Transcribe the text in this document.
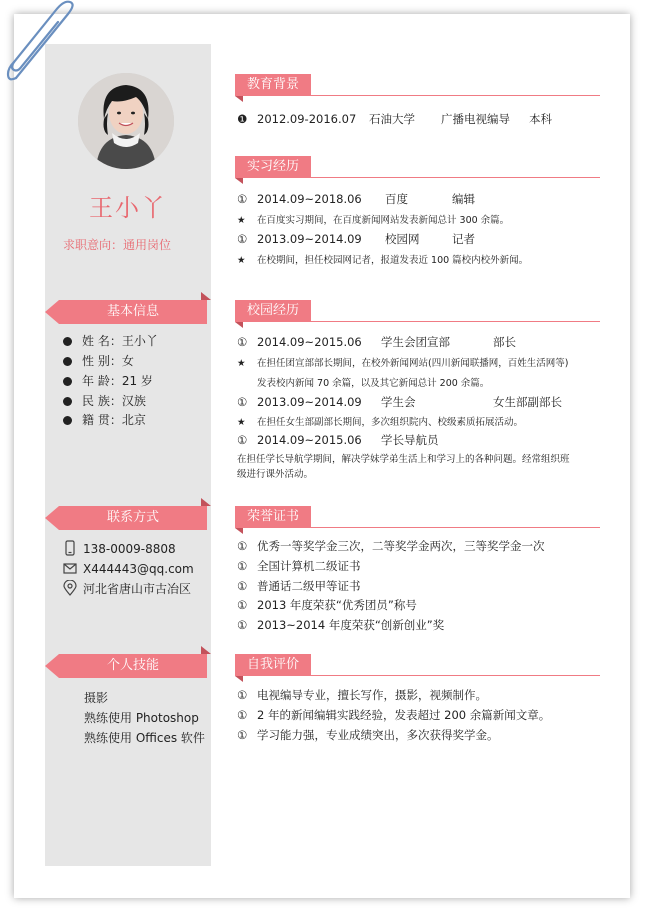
王小丫
求职意向：通用岗位
基本信息
姓 名：王小丫
性 别：女
年 龄：21 岁
民 族：汉族
籍 贯：北京
联系方式
138-0009-8808
X444443@qq.com
河北省唐山市古冶区
个人技能
摄影
熟练使用 Photoshop
熟练使用 Offices 软件
教育背景
❶ 2012.09-2016.07 石油大学 广播电视编导 本科
实习经历
① 2014.09~2018.06 百度	编辑
★ 在百度实习期间，在百度新闻网站发表新闻总计 300 余篇。
① 2013.09~2014.09 校园网	记者
★ 在校期间，担任校园网记者，报道发表近 100 篇校内校外新闻。
校园经历
① 2014.09~2015.06 学生会团宣部	部长
★ 在担任团宣部部长期间，在校外新闻网站(四川新闻联播网，百姓生活网等)
发表校内新闻 70 余篇，以及其它新闻总计 200 余篇。
① 2013.09~2014.09 学生会	女生部副部长
★ 在担任女生部副部长期间，多次组织院内、校级素质拓展活动。
① 2014.09~2015.06 学长导航员
在担任学长导航学期间，解决学妹学弟生活上和学习上的各种问题。经常组织班
级进行课外活动。
荣誉证书
① 优秀一等奖学金三次，二等奖学金两次，三等奖学金一次
① 全国计算机二级证书
① 普通话二级甲等证书
① 2013 年度荣获“优秀团员”称号
① 2013~2014 年度荣获“创新创业”奖
自我评价
① 电视编导专业，擅长写作，摄影，视频制作。
① 2 年的新闻编辑实践经验，发表超过 200 余篇新闻文章。
① 学习能力强，专业成绩突出，多次获得奖学金。
